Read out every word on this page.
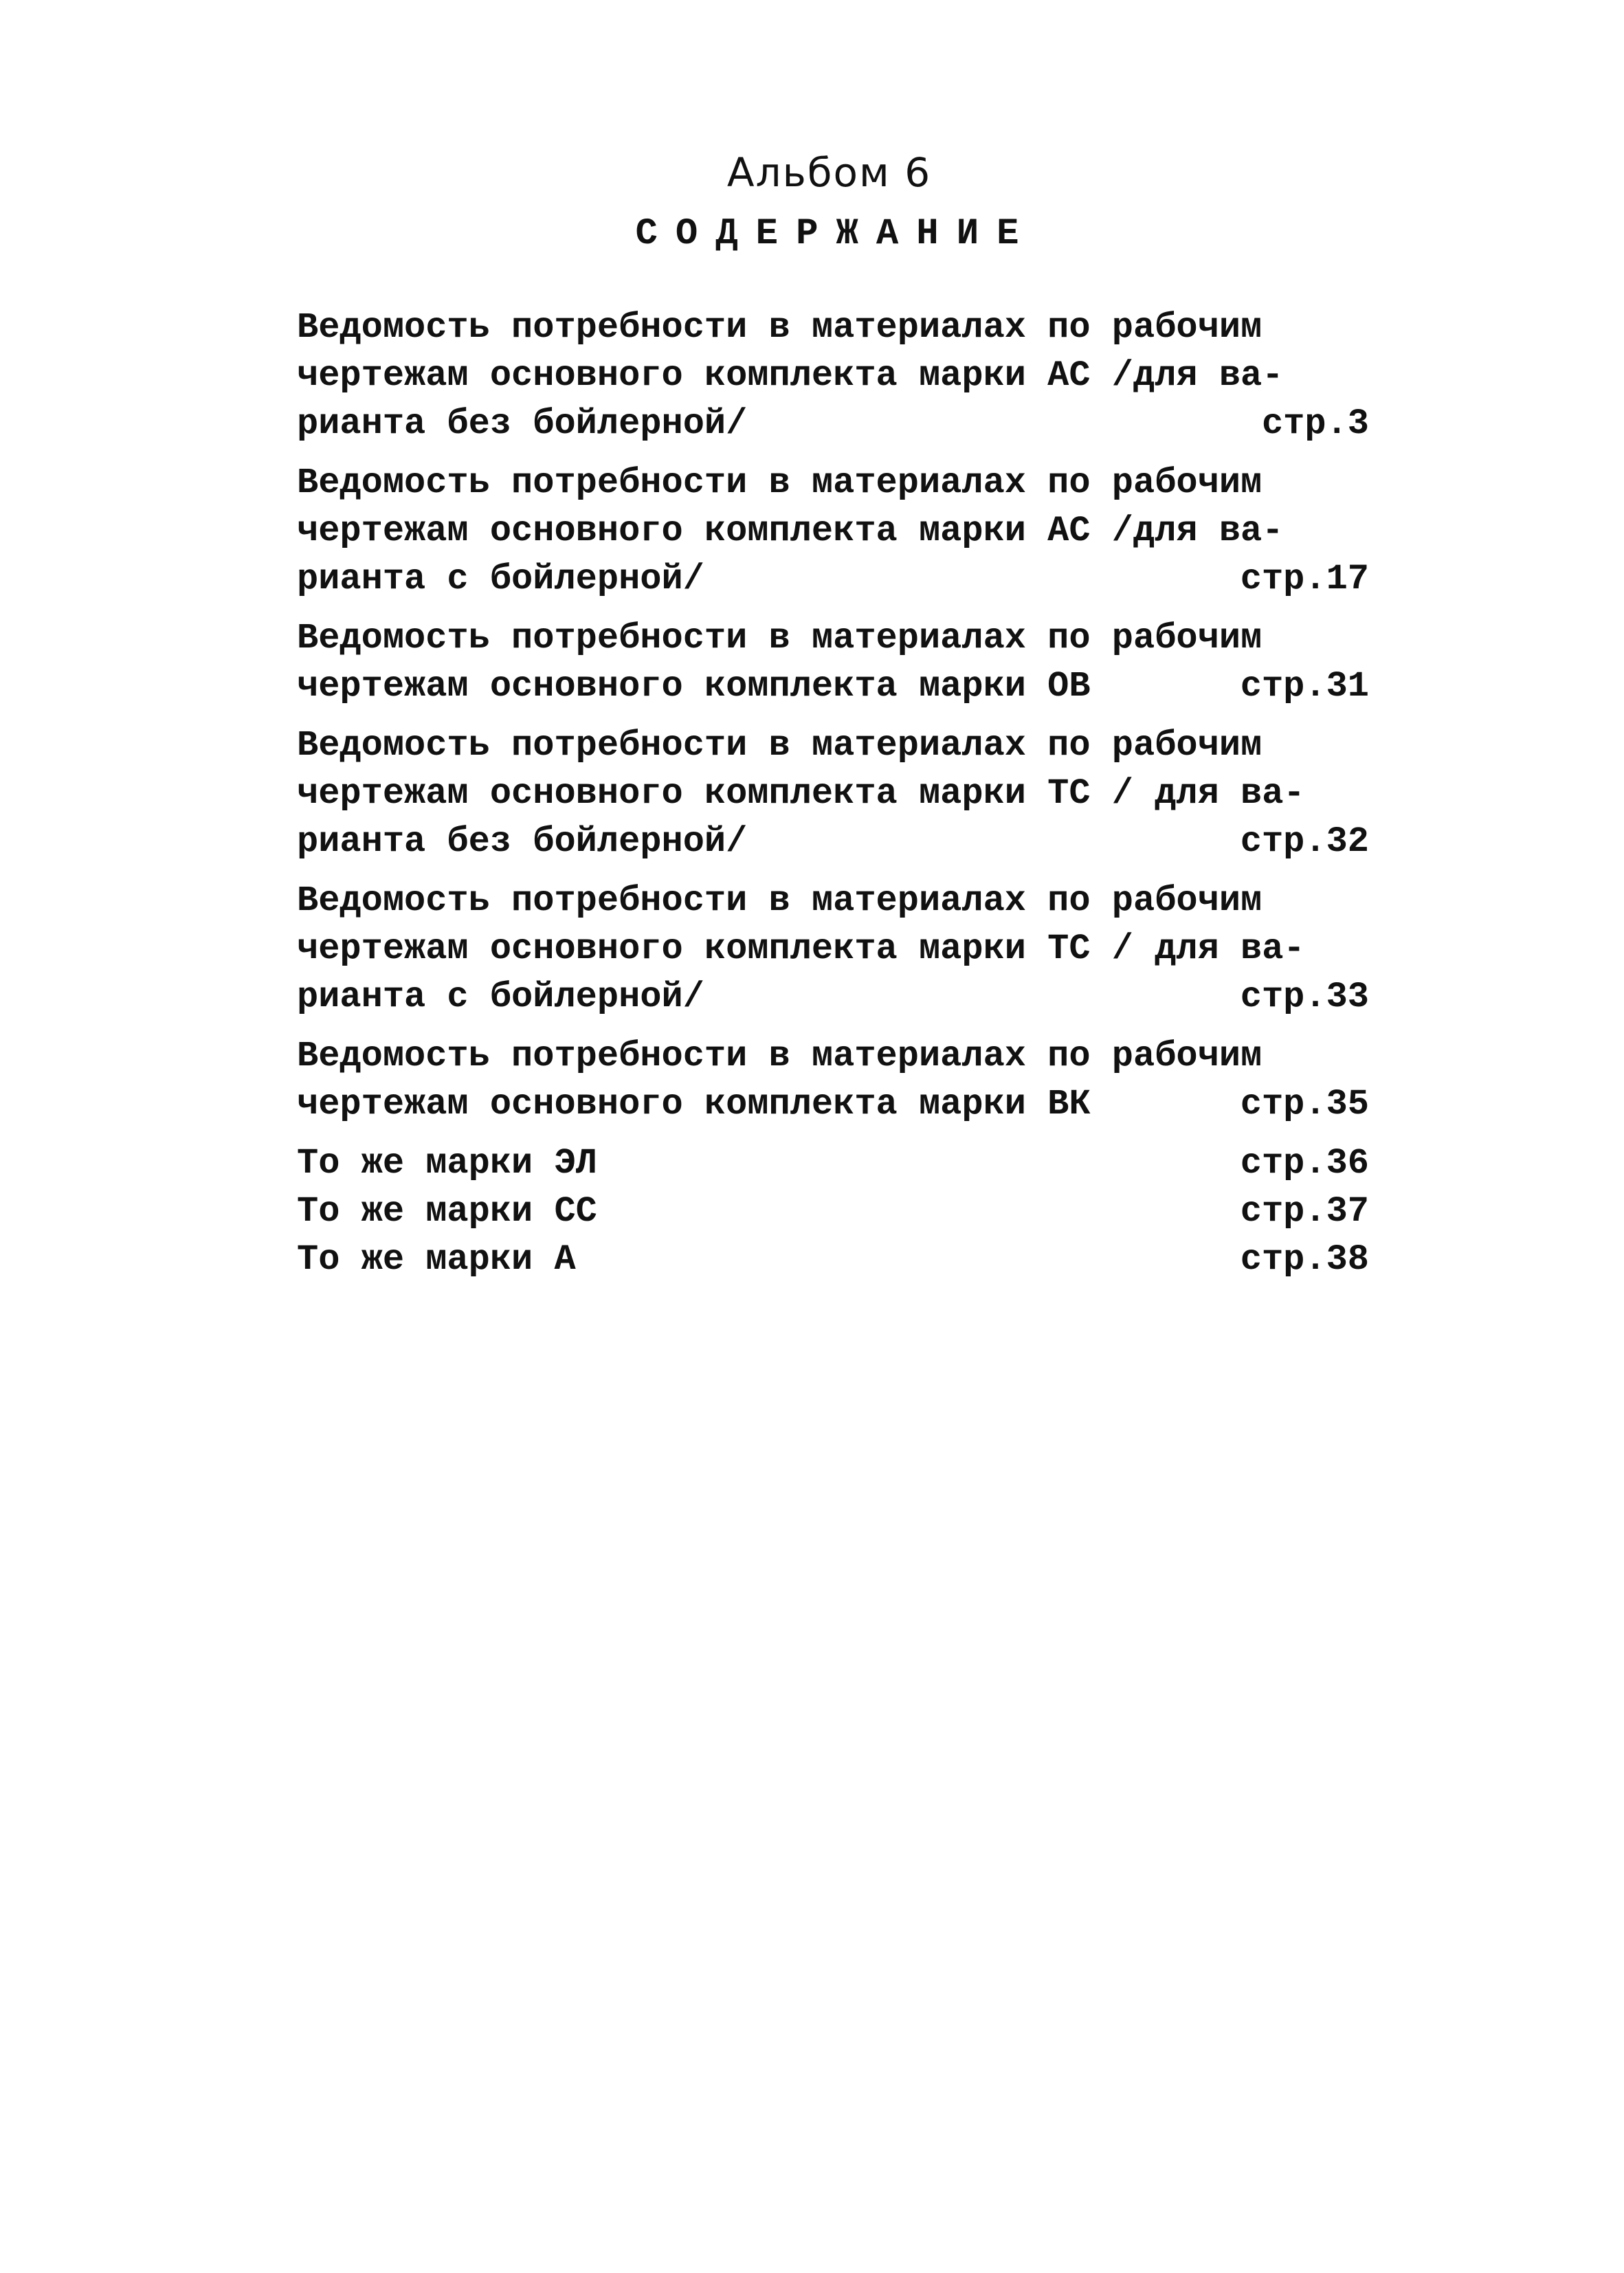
Альбом 6
СОДЕРЖАНИЕ
Ведомость потребности в материалах по рабочим
чертежам основного комплекта марки АС /для ва-
рианта без бойлерной/	стр.3
Ведомость потребности в материалах по рабочим
чертежам основного комплекта марки АС /для ва-
рианта с бойлерной/	стр.17
Ведомость потребности в материалах по рабочим
чертежам основного комплекта марки ОВ	стр.31
Ведомость потребности в материалах по рабочим
чертежам основного комплекта марки ТС / для ва-
рианта без бойлерной/	стр.32
Ведомость потребности в материалах по рабочим
чертежам основного комплекта марки ТС / для ва-
рианта с бойлерной/	стр.33
Ведомость потребности в материалах по рабочим
чертежам основного комплекта марки ВК	стр.35
То же марки ЭЛ	стр.36
То же марки СС	стр.37
То же марки А	стр.38
